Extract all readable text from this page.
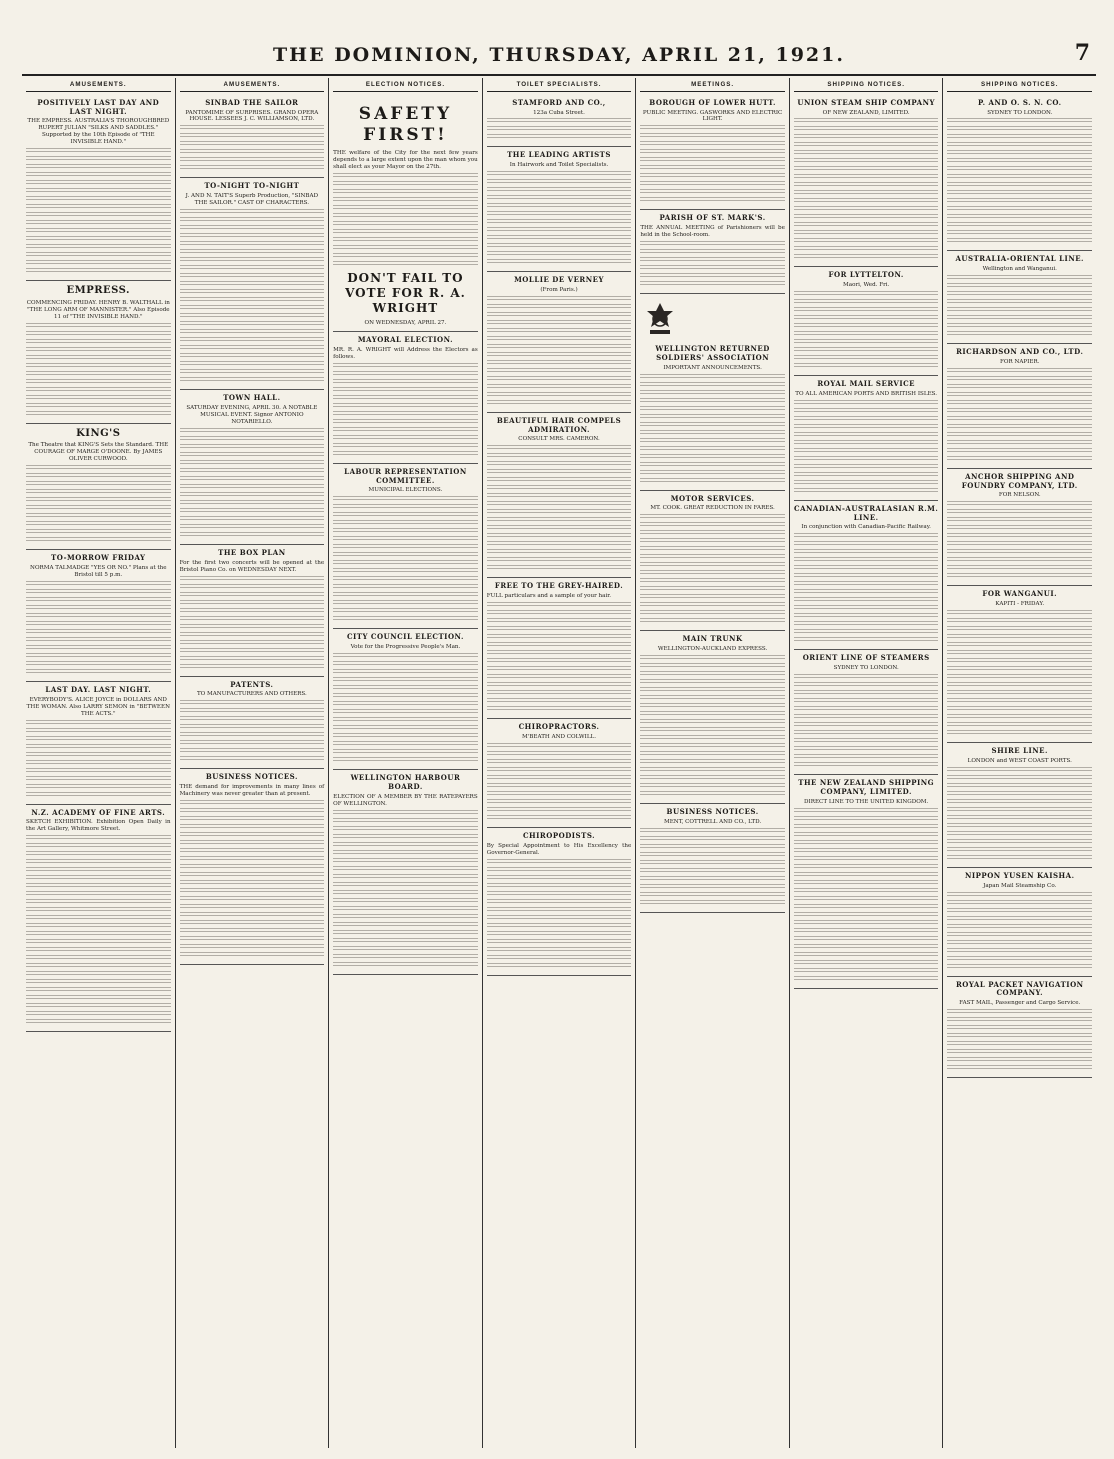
THE DOMINION, THURSDAY, APRIL 21, 1921.	7
AMUSEMENTS.
POSITIVELY LAST DAY AND LAST NIGHT.
THE EMPRESS. AUSTRALIA'S THOROUGHBRED RUPERT JULIAN "SILKS AND SADDLES." Supported by the 10th Episode of "THE INVISIBLE HAND."
EMPRESS.
COMMENCING FRIDAY. HENRY B. WALTHALL in "THE LONG ARM OF MANNISTER." Also Episode 11 of "THE INVISIBLE HAND."
KING'S
The Theatre that KING'S Sets the Standard. THE COURAGE OF MARGE O'DOONE. By JAMES OLIVER CURWOOD.
TO-MORROW FRIDAY
NORMA TALMADGE "YES OR NO." Plans at the Bristol till 5 p.m.
LAST DAY. LAST NIGHT.
EVERYBODY'S. ALICE JOYCE in DOLLARS AND THE WOMAN. Also LARRY SEMON in "BETWEEN THE ACTS."
N.Z. ACADEMY OF FINE ARTS.
SKETCH EXHIBITION. Exhibition Open Daily in the Art Gallery, Whitmore Street.
AMUSEMENTS.
SINBAD THE SAILOR
PANTOMIME OF SURPRISES. GRAND OPERA HOUSE. LESSEES J. C. WILLIAMSON, LTD.
TO-NIGHT TO-NIGHT
J. AND N. TAIT'S Superb Production, "SINBAD THE SAILOR." CAST OF CHARACTERS.
TOWN HALL.
SATURDAY EVENING, APRIL 30. A NOTABLE MUSICAL EVENT. Signor ANTONIO NOTARIELLO.
THE BOX PLAN
For the first two concerts will be opened at the Bristol Piano Co. on WEDNESDAY NEXT.
PATENTS.
TO MANUFACTURERS AND OTHERS.
BUSINESS NOTICES.
THE demand for improvements in many lines of Machinery was never greater than at present.
ELECTION NOTICES.
SAFETY FIRST!
THE welfare of the City for the next few years depends to a large extent upon the man whom you shall elect as your Mayor on the 27th.
DON'T FAIL TO VOTE FOR R. A. WRIGHT
ON WEDNESDAY, APRIL 27.
MAYORAL ELECTION.
MR. R. A. WRIGHT will Address the Electors as follows.
LABOUR REPRESENTATION COMMITTEE.
MUNICIPAL ELECTIONS.
CITY COUNCIL ELECTION.
Vote for the Progressive People's Man.
WELLINGTON HARBOUR BOARD.
ELECTION OF A MEMBER BY THE RATEPAYERS OF WELLINGTON.
TOILET SPECIALISTS.
STAMFORD AND CO.,
123a Cuba Street.
THE LEADING ARTISTS
In Hairwork and Toilet Specialists.
MOLLIE DE VERNEY
(From Paris.)
BEAUTIFUL HAIR COMPELS ADMIRATION.
CONSULT MRS. CAMERON.
FREE TO THE GREY-HAIRED.
FULL particulars and a sample of your hair.
CHIROPRACTORS.
M'BEATH AND COLWILL.
CHIROPODISTS.
By Special Appointment to His Excellency the Governor-General.
MEETINGS.
BOROUGH OF LOWER HUTT.
PUBLIC MEETING. GASWORKS AND ELECTRIC LIGHT.
PARISH OF ST. MARK'S.
THE ANNUAL MEETING of Parishioners will be held in the School-room.
WELLINGTON RETURNED SOLDIERS' ASSOCIATION
IMPORTANT ANNOUNCEMENTS.
MOTOR SERVICES.
MT. COOK. GREAT REDUCTION IN FARES.
MAIN TRUNK
WELLINGTON-AUCKLAND EXPRESS.
BUSINESS NOTICES.
MENT, COTTRELL AND CO., LTD.
SHIPPING NOTICES.
UNION STEAM SHIP COMPANY
OF NEW ZEALAND, LIMITED.
FOR LYTTELTON.
Maori, Wed. Fri.
ROYAL MAIL SERVICE
TO ALL AMERICAN PORTS AND BRITISH ISLES.
CANADIAN-AUSTRALASIAN R.M. LINE.
In conjunction with Canadian-Pacific Railway.
ORIENT LINE OF STEAMERS
SYDNEY TO LONDON.
THE NEW ZEALAND SHIPPING COMPANY, LIMITED.
DIRECT LINE TO THE UNITED KINGDOM.
SHIPPING NOTICES.
P. AND O. S. N. CO.
SYDNEY TO LONDON.
AUSTRALIA-ORIENTAL LINE.
Wellington and Wanganui.
RICHARDSON AND CO., LTD.
FOR NAPIER.
ANCHOR SHIPPING AND FOUNDRY COMPANY, LTD.
FOR NELSON.
FOR WANGANUI.
KAPITI - FRIDAY.
SHIRE LINE.
LONDON and WEST COAST PORTS.
NIPPON YUSEN KAISHA.
Japan Mail Steamship Co.
ROYAL PACKET NAVIGATION COMPANY.
FAST MAIL, Passenger and Cargo Service.
